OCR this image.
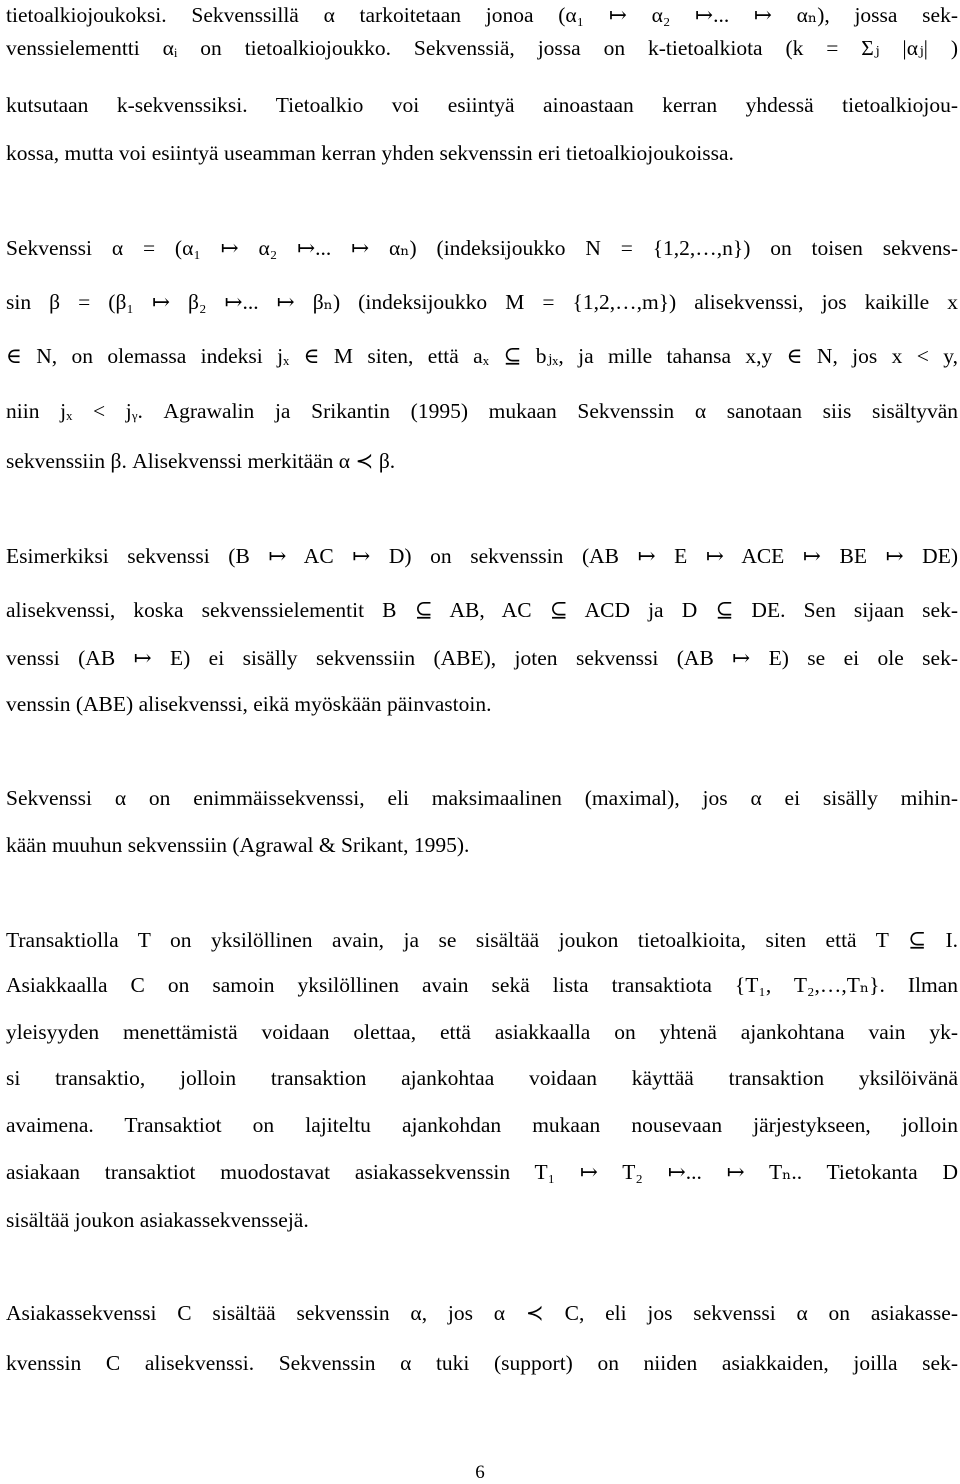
tietoalkiojoukoksi. Sekvenssillä α tarkoitetaan jonoa (α₁ ↦ α₂ ↦... ↦ αₙ), jossa sek-
venssielementti αᵢ on tietoalkiojoukko. Sekvenssiä, jossa on k-tietoalkiota (k = Σⱼ |αⱼ| )
kutsutaan k-sekvenssiksi. Tietoalkio voi esiintyä ainoastaan kerran yhdessä tietoalkiojou-
kossa, mutta voi esiintyä useamman kerran yhden sekvenssin eri tietoalkiojoukoissa.
Sekvenssi α = (α₁ ↦ α₂ ↦... ↦ αₙ) (indeksijoukko N = {1,2,…,n}) on toisen sekvens-
sin β = (β₁ ↦ β₂ ↦... ↦ βₙ) (indeksijoukko M = {1,2,…,m}) alisekvenssi, jos kaikille x
∈ N, on olemassa indeksi jₓ ∈ M siten, että aₓ ⊆ bⱼₓ, ja mille tahansa x,y ∈ N, jos x < y,
niin jₓ < jᵧ. Agrawalin ja Srikantin (1995) mukaan Sekvenssin α sanotaan siis sisältyvän
sekvenssiin β. Alisekvenssi merkitään α ≺ β.
Esimerkiksi sekvenssi (B ↦ AC ↦ D) on sekvenssin (AB ↦ E ↦ ACE ↦ BE ↦ DE)
alisekvenssi, koska sekvenssielementit B ⊆ AB, AC ⊆ ACD ja D ⊆ DE. Sen sijaan sek-
venssi (AB ↦ E) ei sisälly sekvenssiin (ABE), joten sekvenssi (AB ↦ E) se ei ole sek-
venssin (ABE) alisekvenssi, eikä myöskään päinvastoin.
Sekvenssi α on enimmäissekvenssi, eli maksimaalinen (maximal), jos α ei sisälly mihin-
kään muuhun sekvenssiin (Agrawal & Srikant, 1995).
Transaktiolla T on yksilöllinen avain, ja se sisältää joukon tietoalkioita, siten että T ⊆ I.
Asiakkaalla C on samoin yksilöllinen avain sekä lista transaktiota {T₁, T₂,…,Tₙ}. Ilman
yleisyyden menettämistä voidaan olettaa, että asiakkaalla on yhtenä ajankohtana vain yk-
si transaktio, jolloin transaktion ajankohtaa voidaan käyttää transaktion yksilöivänä
avaimena. Transaktiot on lajiteltu ajankohdan mukaan nousevaan järjestykseen, jolloin
asiakaan transaktiot muodostavat asiakassekvenssin T₁ ↦ T₂ ↦... ↦ Tₙ.. Tietokanta D
sisältää joukon asiakassekvenssejä.
Asiakassekvenssi C sisältää sekvenssin α, jos α ≺ C, eli jos sekvenssi α on asiakasse-
kvenssin C alisekvenssi. Sekvenssin α tuki (support) on niiden asiakkaiden, joilla sek-
6
